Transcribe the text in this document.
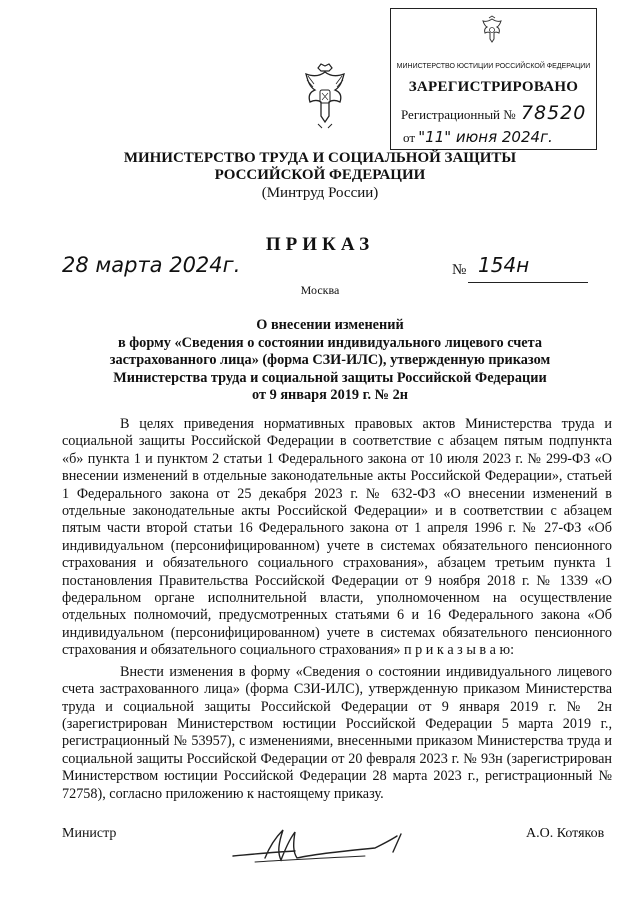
МИНИСТЕРСТВО ЮСТИЦИИ РОССИЙСКОЙ ФЕДЕРАЦИИ
ЗАРЕГИСТРИРОВАНО
Регистрационный № 78520
от "11" июня 2024г.
МИНИСТЕРСТВО ТРУДА И СОЦИАЛЬНОЙ ЗАЩИТЫ
РОССИЙСКОЙ ФЕДЕРАЦИИ
(Минтруд России)
ПРИКАЗ
28 марта 2024г.	№ 154н
Москва
О внесении изменений
в форму «Сведения о состоянии индивидуального лицевого счета
застрахованного лица» (форма СЗИ-ИЛС), утвержденную приказом
Министерства труда и социальной защиты Российской Федерации
от 9 января 2019 г. № 2н

В целях приведения нормативных правовых актов Министерства труда и социальной защиты Российской Федерации в соответствие с абзацем пятым подпункта «б» пункта 1 и пунктом 2 статьи 1 Федерального закона от 10 июля 2023 г. № 299-ФЗ «О внесении изменений в отдельные законодательные акты Российской Федерации», статьей 1 Федерального закона от 25 декабря 2023 г. № 632-ФЗ «О внесении изменений в отдельные законодательные акты Российской Федерации» и в соответствии с абзацем пятым части второй статьи 16 Федерального закона от 1 апреля 1996 г. № 27-ФЗ «Об индивидуальном (персонифицированном) учете в системах обязательного пенсионного страхования и обязательного социального страхования», абзацем третьим пункта 1 постановления Правительства Российской Федерации от 9 ноября 2018 г. № 1339 «О федеральном органе исполнительной власти, уполномоченном на осуществление отдельных полномочий, предусмотренных статьями 6 и 16 Федерального закона «Об индивидуальном (персонифицированном) учете в системах обязательного пенсионного страхования и обязательного социального страхования» п р и к а з ы в а ю:

Внести изменения в форму «Сведения о состоянии индивидуального лицевого счета застрахованного лица» (форма СЗИ-ИЛС), утвержденную приказом Министерства труда и социальной защиты Российской Федерации от 9 января 2019 г. № 2н (зарегистрирован Министерством юстиции Российской Федерации 5 марта 2019 г., регистрационный № 53957), с изменениями, внесенными приказом Министерства труда и социальной защиты Российской Федерации от 20 февраля 2023 г. № 93н (зарегистрирован Министерством юстиции Российской Федерации 28 марта 2023 г., регистрационный № 72758), согласно приложению к настоящему приказу.

Министр	А.О. Котяков
